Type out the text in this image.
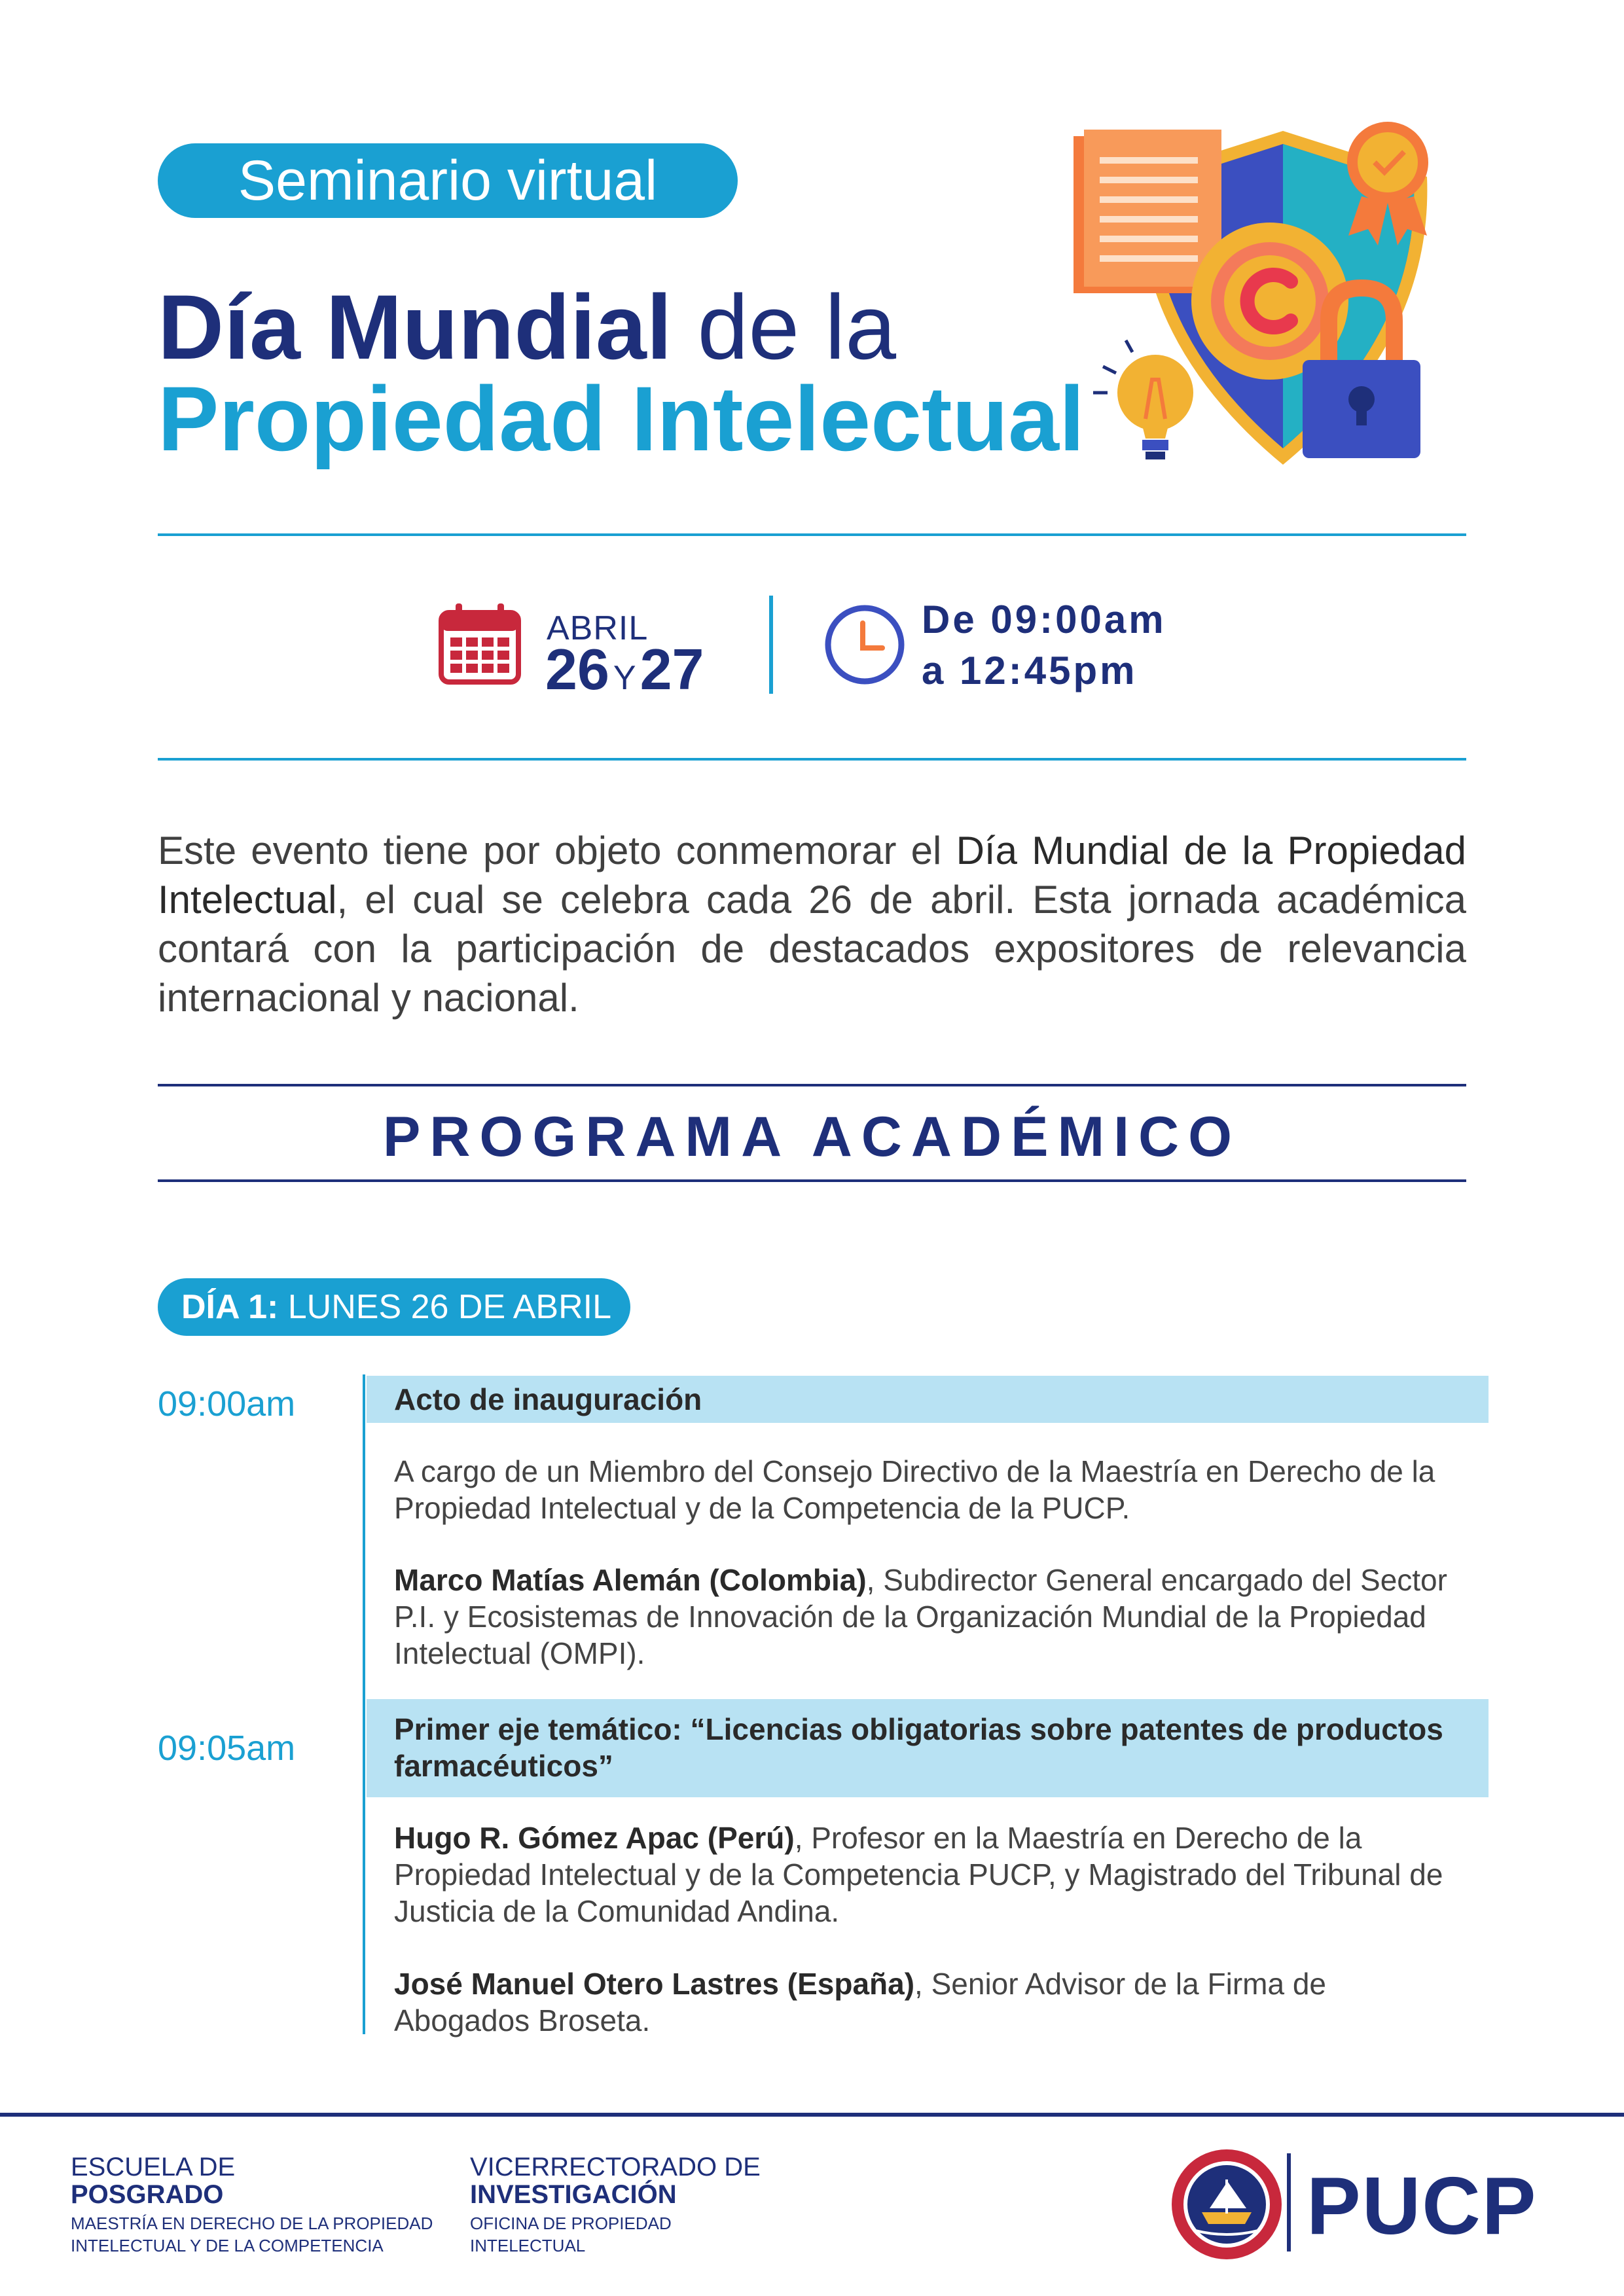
Seminario virtual
Día Mundial de la
Propiedad Intelectual
ABRIL
26 Y27
De 09:00am
a 12:45pm
Este evento tiene por objeto conmemorar el Día Mundial de la Propiedad Intelectual, el cual se celebra cada 26 de abril. Esta jornada académica contará con la participación de destacados expositores de relevancia internacional y nacional.
PROGRAMA ACADÉMICO
DÍA 1: LUNES 26 DE ABRIL
09:00am	Acto de inauguración
A cargo de un Miembro del Consejo Directivo de la Maestría en Derecho de la Propiedad Intelectual y de la Competencia de la PUCP.
Marco Matías Alemán (Colombia), Subdirector General encargado del Sector P.I. y Ecosistemas de Innovación de la Organización Mundial de la Propiedad Intelectual (OMPI).
09:05am	Primer eje temático: “Licencias obligatorias sobre patentes de productos farmacéuticos”
Hugo R. Gómez Apac (Perú), Profesor en la Maestría en Derecho de la Propiedad Intelectual y de la Competencia PUCP, y Magistrado del Tribunal de Justicia de la Comunidad Andina.
José Manuel Otero Lastres (España), Senior Advisor de la Firma de Abogados Broseta.
ESCUELA DE
POSGRADO
MAESTRÍA EN DERECHO DE LA PROPIEDAD
INTELECTUAL Y DE LA COMPETENCIA
VICERRECTORADO DE
INVESTIGACIÓN
OFICINA DE PROPIEDAD
INTELECTUAL	PUCP
